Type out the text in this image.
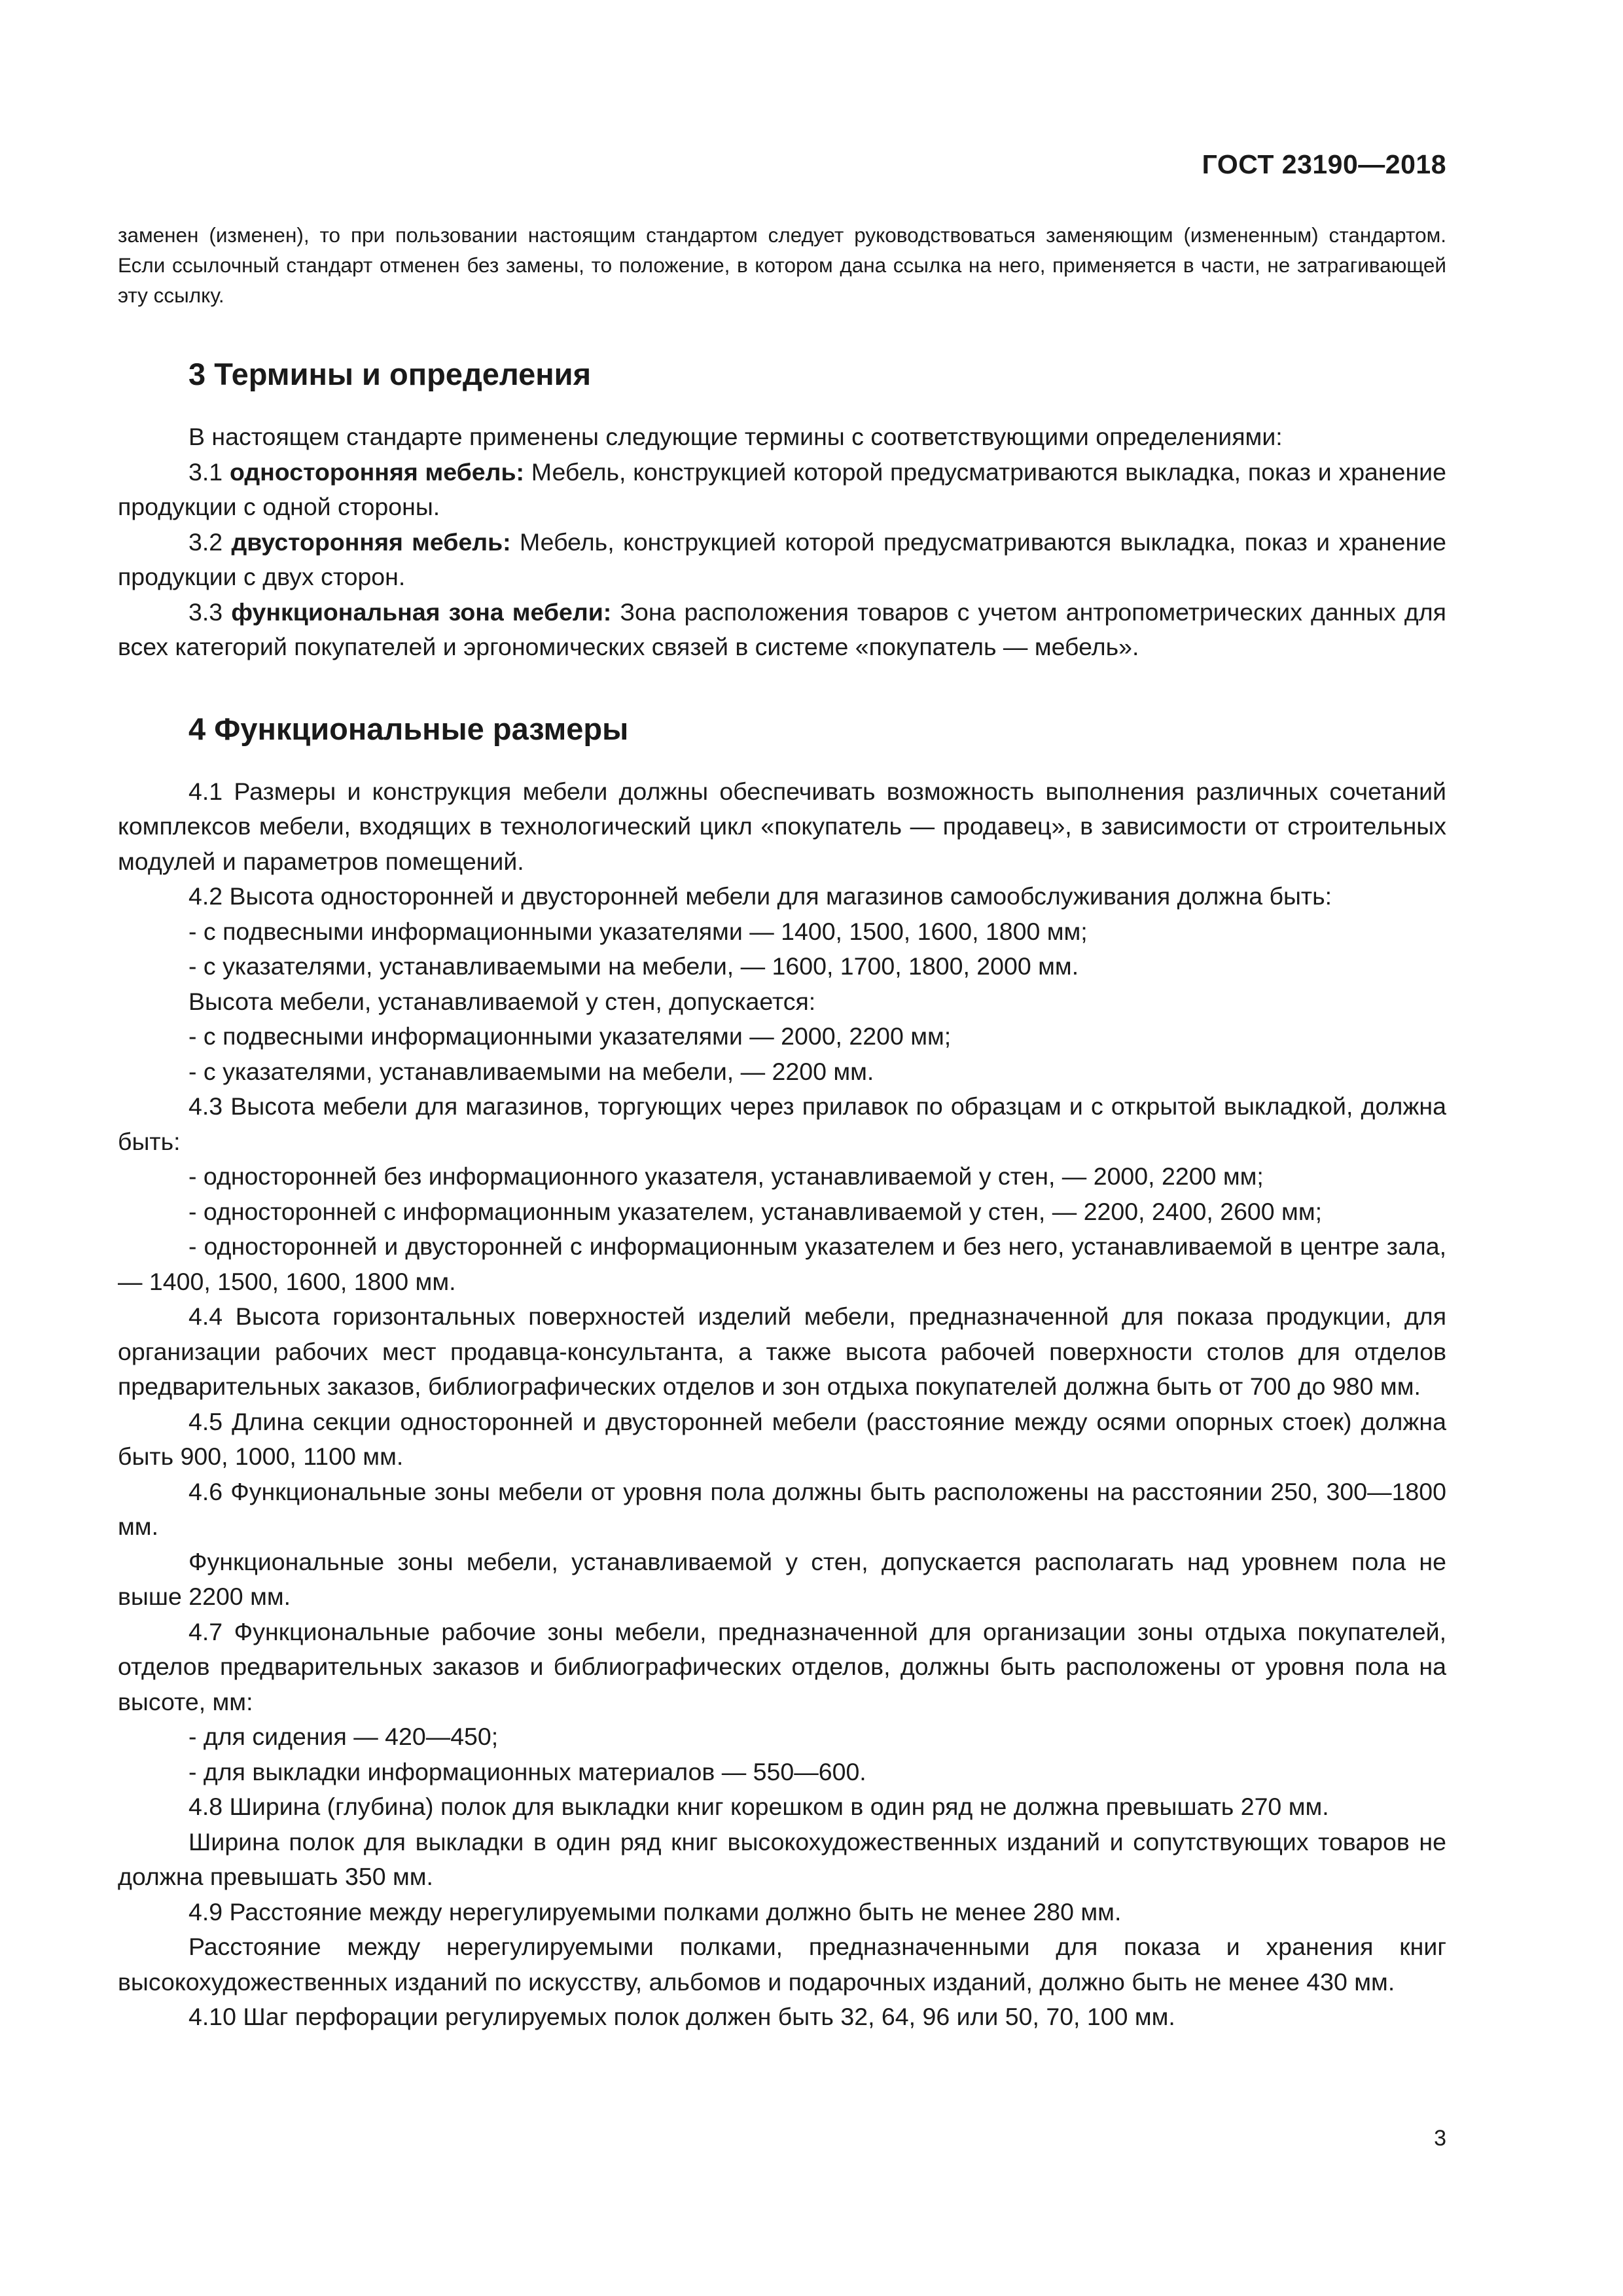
ГОСТ 23190—2018

заменен (изменен), то при пользовании настоящим стандартом следует руководствоваться заменяющим (измененным) стандартом. Если ссылочный стандарт отменен без замены, то положение, в котором дана ссылка на него, применяется в части, не затрагивающей эту ссылку.

3 Термины и определения

В настоящем стандарте применены следующие термины с соответствующими определениями:

3.1 односторонняя мебель: Мебель, конструкцией которой предусматриваются выкладка, показ и хранение продукции с одной стороны.

3.2 двусторонняя мебель: Мебель, конструкцией которой предусматриваются выкладка, показ и хранение продукции с двух сторон.

3.3 функциональная зона мебели: Зона расположения товаров с учетом антропометрических данных для всех категорий покупателей и эргономических связей в системе «покупатель — мебель».

4 Функциональные размеры

4.1 Размеры и конструкция мебели должны обеспечивать возможность выполнения различных сочетаний комплексов мебели, входящих в технологический цикл «покупатель — продавец», в зависимости от строительных модулей и параметров помещений.

4.2 Высота односторонней и двусторонней мебели для магазинов самообслуживания должна быть:

- с подвесными информационными указателями — 1400, 1500, 1600, 1800 мм;

- с указателями, устанавливаемыми на мебели, — 1600, 1700, 1800, 2000 мм.

Высота мебели, устанавливаемой у стен, допускается:

- с подвесными информационными указателями — 2000, 2200 мм;

- с указателями, устанавливаемыми на мебели, — 2200 мм.

4.3 Высота мебели для магазинов, торгующих через прилавок по образцам и с открытой выкладкой, должна быть:

- односторонней без информационного указателя, устанавливаемой у стен, — 2000, 2200 мм;

- односторонней с информационным указателем, устанавливаемой у стен, — 2200, 2400, 2600 мм;

- односторонней и двусторонней с информационным указателем и без него, устанавливаемой в центре зала, — 1400, 1500, 1600, 1800 мм.

4.4 Высота горизонтальных поверхностей изделий мебели, предназначенной для показа продукции, для организации рабочих мест продавца-консультанта, а также высота рабочей поверхности столов для отделов предварительных заказов, библиографических отделов и зон отдыха покупателей должна быть от 700 до 980 мм.

4.5 Длина секции односторонней и двусторонней мебели (расстояние между осями опорных стоек) должна быть 900, 1000, 1100 мм.

4.6 Функциональные зоны мебели от уровня пола должны быть расположены на расстоянии 250, 300—1800 мм.

Функциональные зоны мебели, устанавливаемой у стен, допускается располагать над уровнем пола не выше 2200 мм.

4.7 Функциональные рабочие зоны мебели, предназначенной для организации зоны отдыха покупателей, отделов предварительных заказов и библиографических отделов, должны быть расположены от уровня пола на высоте, мм:

- для сидения — 420—450;

- для выкладки информационных материалов — 550—600.

4.8 Ширина (глубина) полок для выкладки книг корешком в один ряд не должна превышать 270 мм.

Ширина полок для выкладки в один ряд книг высокохудожественных изданий и сопутствующих товаров не должна превышать 350 мм.

4.9 Расстояние между нерегулируемыми полками должно быть не менее 280 мм.

Расстояние между нерегулируемыми полками, предназначенными для показа и хранения книг высокохудожественных изданий по искусству, альбомов и подарочных изданий, должно быть не менее 430 мм.

4.10 Шаг перфорации регулируемых полок должен быть 32, 64, 96 или 50, 70, 100 мм.

3
